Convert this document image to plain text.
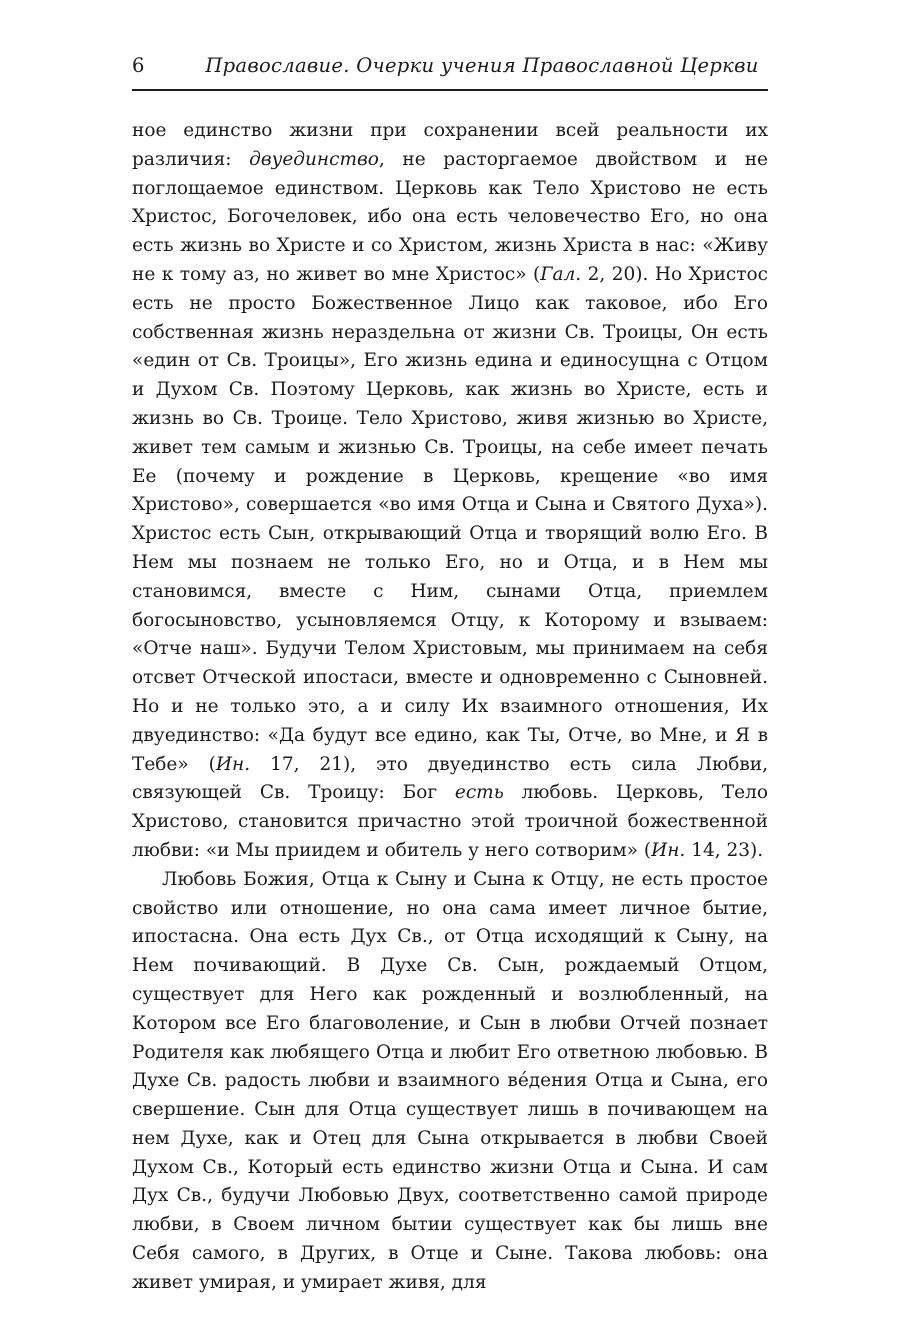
6	Православие. Очерки учения Православной Церкви

ное единство жизни при сохранении всей реальности их различия: двуединство, не расторгаемое двойством и не поглощаемое единством. Церковь как Тело Христово не есть Христос, Богочеловек, ибо она есть человечество Его, но она есть жизнь во Христе и со Христом, жизнь Христа в нас: «Живу не к тому аз, но живет во мне Христос» (Гал. 2, 20). Но Христос есть не просто Божественное Лицо как таковое, ибо Его собственная жизнь нераздельна от жизни Св. Троицы, Он есть «един от Св. Троицы», Его жизнь едина и единосущна с Отцом и Духом Св. Поэтому Церковь, как жизнь во Христе, есть и жизнь во Св. Троице. Тело Христово, живя жизнью во Христе, живет тем самым и жизнью Св. Троицы, на себе имеет печать Ее (почему и рождение в Церковь, крещение «во имя Христово», совершается «во имя Отца и Сына и Святого Духа»). Христос есть Сын, открывающий Отца и творящий волю Его. В Нем мы познаем не только Его, но и Отца, и в Нем мы становимся, вместе с Ним, сынами Отца, приемлем богосыновство, усыновляемся Отцу, к Которому и взываем: «Отче наш». Будучи Телом Христовым, мы принимаем на себя отсвет Отческой ипостаси, вместе и одновременно с Сыновней. Но и не только это, а и силу Их взаимного отношения, Их двуединство: «Да будут все едино, как Ты, Отче, во Мне, и Я в Тебе» (Ин. 17, 21), это двуединство есть сила Любви, связующей Св. Троицу: Бог есть любовь. Церковь, Тело Христово, становится причастно этой троичной божественной любви: «и Мы приидем и обитель у него сотворим» (Ин. 14, 23).

Любовь Божия, Отца к Сыну и Сына к Отцу, не есть простое свойство или отношение, но она сама имеет личное бытие, ипостасна. Она есть Дух Св., от Отца исходящий к Сыну, на Нем почивающий. В Духе Св. Сын, рождаемый Отцом, существует для Него как рожденный и возлюбленный, на Котором все Его благоволение, и Сын в любви Отчей познает Родителя как любящего Отца и любит Его ответною любовью. В Духе Св. радость любви и взаимного ве́дения Отца и Сына, его свершение. Сын для Отца существует лишь в почивающем на нем Духе, как и Отец для Сына открывается в любви Своей Духом Св., Который есть единство жизни Отца и Сына. И сам Дух Св., будучи Любовью Двух, соответственно самой природе любви, в Своем личном бытии существует как бы лишь вне Себя самого, в Других, в Отце и Сыне. Такова любовь: она живет умирая, и умирает живя, для
